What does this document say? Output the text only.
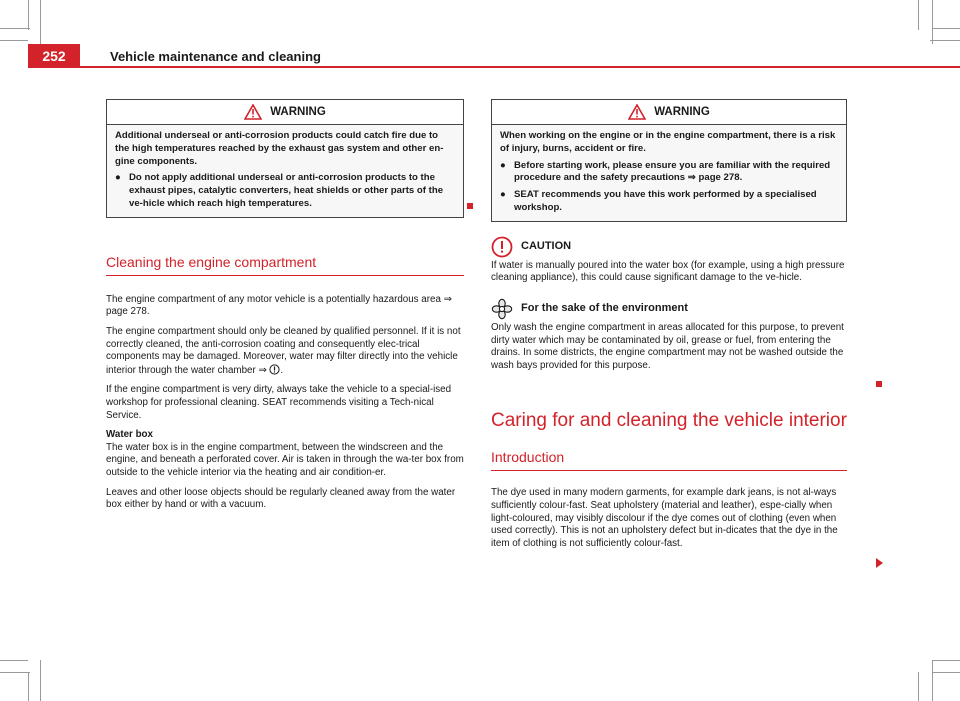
252	Vehicle maintenance and cleaning
WARNING

Additional underseal or anti-corrosion products could catch fire due to the high temperatures reached by the exhaust gas system and other en-gine components.

● Do not apply additional underseal or anti-corrosion products to the exhaust pipes, catalytic converters, heat shields or other parts of the ve-hicle which reach high temperatures.
Cleaning the engine compartment

The engine compartment of any motor vehicle is a potentially hazardous area ⇒ page 278.

The engine compartment should only be cleaned by qualified personnel. If it is not correctly cleaned, the anti-corrosion coating and consequently elec-trical components may be damaged. Moreover, water may filter directly into the vehicle interior through the water chamber ⇒ .

If the engine compartment is very dirty, always take the vehicle to a special-ised workshop for professional cleaning. SEAT recommends visiting a Tech-nical Service.

Water box

The water box is in the engine compartment, between the windscreen and the engine, and beneath a perforated cover. Air is taken in through the wa-ter box from outside to the vehicle interior via the heating and air condition-er.

Leaves and other loose objects should be regularly cleaned away from the water box either by hand or with a vacuum.

WARNING

When working on the engine or in the engine compartment, there is a risk of injury, burns, accident or fire.

● Before starting work, please ensure you are familiar with the required procedure and the safety precautions ⇒ page 278.
● SEAT recommends you have this work performed by a specialised workshop.
CAUTION

If water is manually poured into the water box (for example, using a high pressure cleaning appliance), this could cause significant damage to the ve-hicle.

For the sake of the environment

Only wash the engine compartment in areas allocated for this purpose, to prevent dirty water which may be contaminated by oil, grease or fuel, from entering the drains. In some districts, the engine compartment may not be washed outside the wash bays provided for this purpose.

Caring for and cleaning the vehicle interior
Introduction

The dye used in many modern garments, for example dark jeans, is not al-ways sufficiently colour-fast. Seat upholstery (material and leather), espe-cially when light-coloured, may visibly discolour if the dye comes out of clothing (even when used correctly). This is not an upholstery defect but in-dicates that the dye in the item of clothing is not sufficiently colour-fast.
